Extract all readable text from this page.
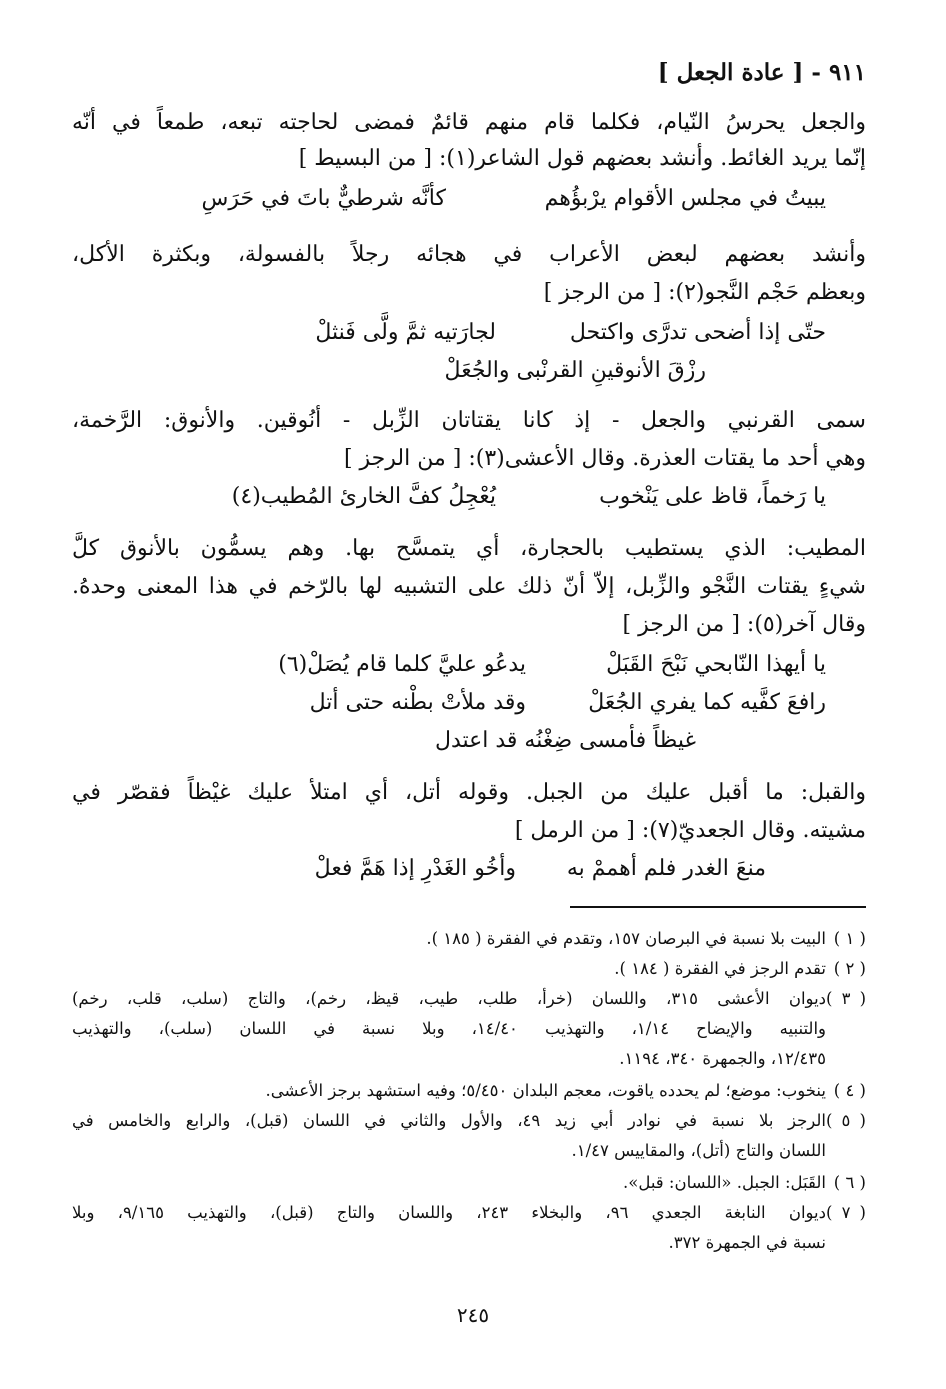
٩١١ - [ عادة الجعل ]
والجعل يحرسُ النّيام، فكلما قام منهم قائمٌ فمضى لحاجته تبعه، طمعاً في أنّه
إنّما يريد الغائط. وأنشد بعضهم قول الشاعر(١): [ من البسيط ]
يبيتُ في مجلس الأقوام يرْبؤُهم
كأنَّه شرطيٌّ باتَ في حَرَسِ
وأنشد بعضهم لبعض الأعراب في هجائه رجلاً بالفسولة، وبكثرة الأكل،
وبعظم حَجْم النَّجو(٢): [ من الرجز ]
حتّى إذا أضحى تدرَّى واكتحل
لجارَتيه ثمَّ ولَّى فَنثلْ
رزْقَ الأنوقينِ القرنْبى والجُعَلْ
سمى القرنبي والجعل - إذ كانا يقتاتان الزِّبل - أنُوقين. والأنوق: الرَّخمة،
وهي أحد ما يقتات العذرة. وقال الأعشى(٣): [ من الرجز ]
يا رَخماً، قاظ على يَنْخوب
يُعْجِلُ كفَّ الخارئ المُطيب(٤)
المطيب: الذي يستطيب بالحجارة، أي يتمسَّح بها. وهم يسمُّون بالأنوق كلَّ
شيءٍ يقتات النَّجْو والزِّبل، إلاّ أنّ ذلك على التشبيه لها بالرّخم في هذا المعنى وحدهُ.
وقال آخر(٥): [ من الرجز ]
يا أيهذا النّابحي نَبْحَ القَبَلْ
يدعُو عليَّ كلما قام يُصَلْ(٦)
رافعَ كفَّيه كما يفري الجُعَلْ
وقد ملأتْ بطْنه حتى أتل
غيظاً فأمسى ضِغْنُه قد اعتدل
والقبل: ما أقبل عليك من الجبل. وقوله أتل، أي امتلأ عليك غيْظاً فقصّر في
مشيته. وقال الجعديّ(٧): [ من الرمل ]
منعَ الغدر فلم أهممْ به
وأخُو الغَدْرِ إذا هَمَّ فعلْ
( ١ )البيت بلا نسبة في البرصان ١٥٧، وتقدم في الفقرة ( ١٨٥ ).
( ٢ )تقدم الرجز في الفقرة ( ١٨٤ ).
( ٣ )ديوان الأعشى ٣١٥، واللسان (خرأ، طلب، طيب، قيظ، رخم)، والتاج (سلب، قلب، رخم)
والتنبيه والإيضاح ١/١٤، والتهذيب ١٤/٤٠، وبلا نسبة في اللسان (سلب)، والتهذيب
١٢/٤٣٥، والجمهرة ٣٤٠، ١١٩٤.
( ٤ )ينخوب: موضع؛ لم يحدده ياقوت، معجم البلدان ٥/٤٥٠؛ وفيه استشهد برجز الأعشى.
( ٥ )الرجز بلا نسبة في نوادر أبي زيد ٤٩، والأول والثاني في اللسان (قبل)، والرابع والخامس في
اللسان والتاج (أتل)، والمقاييس ١/٤٧.
( ٦ )القَبَل: الجبل. «اللسان: قبل».
( ٧ )ديوان النابغة الجعدي ٩٦، والبخلاء ٢٤٣، واللسان والتاج (قبل)، والتهذيب ٩/١٦٥، وبلا
نسبة في الجمهرة ٣٧٢.
٢٤٥
